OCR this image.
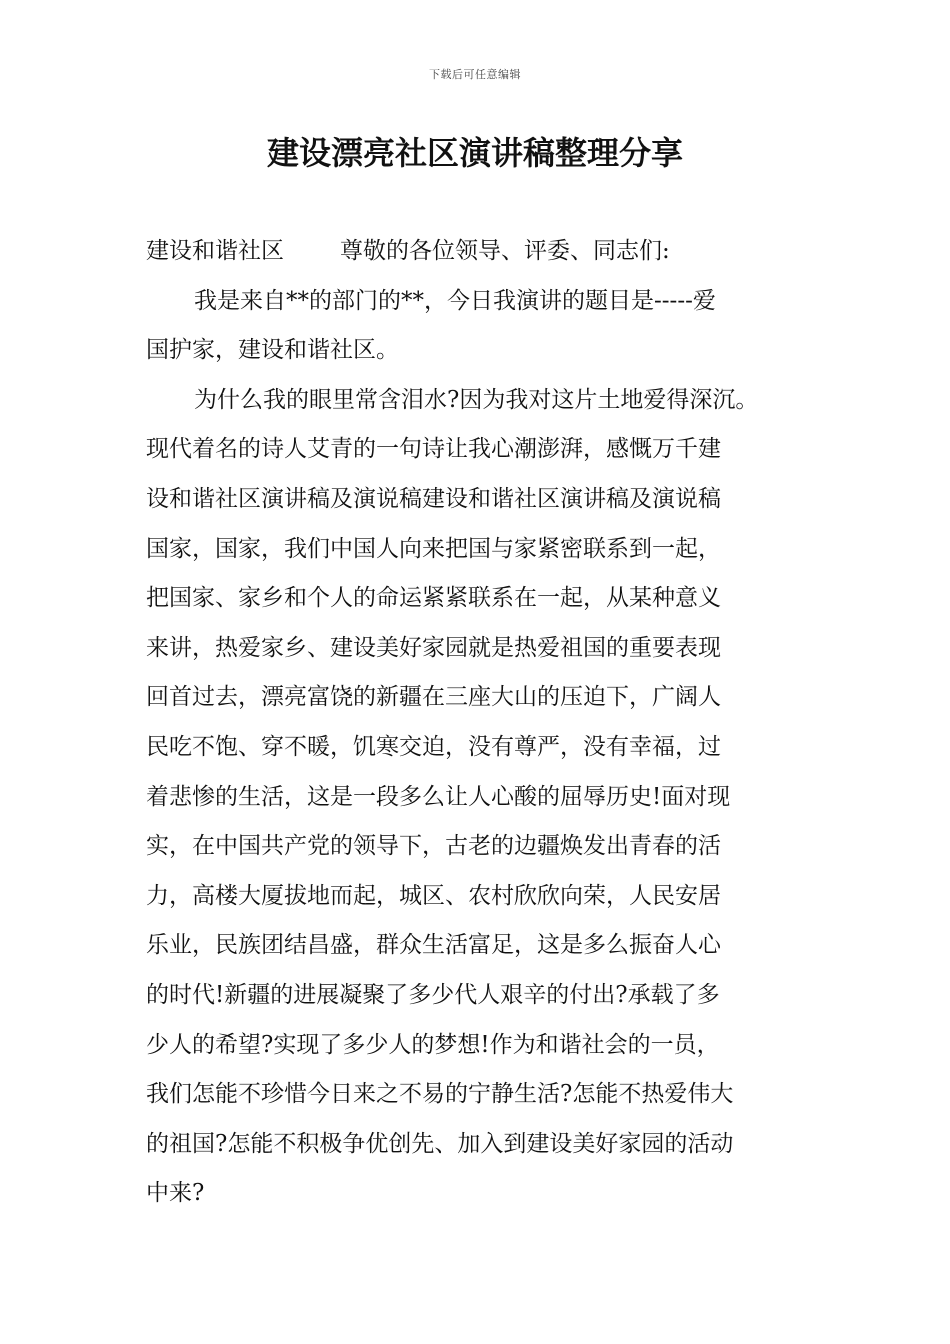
下载后可任意编辑
建设漂亮社区演讲稿整理分享
建设和谐社区 尊敬的各位领导、评委、同志们:
我是来自**的部门的**，今日我演讲的题目是-----爱
国护家，建设和谐社区。
为什么我的眼里常含泪水?因为我对这片土地爱得深沉。
现代着名的诗人艾青的一句诗让我心潮澎湃，感慨万千建
设和谐社区演讲稿及演说稿建设和谐社区演讲稿及演说稿
国家，国家，我们中国人向来把国与家紧密联系到一起，
把国家、家乡和个人的命运紧紧联系在一起，从某种意义
来讲，热爱家乡、建设美好家园就是热爱祖国的重要表现
回首过去，漂亮富饶的新疆在三座大山的压迫下，广阔人
民吃不饱、穿不暖，饥寒交迫，没有尊严，没有幸福，过
着悲惨的生活，这是一段多么让人心酸的屈辱历史!面对现
实，在中国共产党的领导下，古老的边疆焕发出青春的活
力，高楼大厦拔地而起，城区、农村欣欣向荣，人民安居
乐业，民族团结昌盛，群众生活富足，这是多么振奋人心
的时代!新疆的进展凝聚了多少代人艰辛的付出?承载了多
少人的希望?实现了多少人的梦想!作为和谐社会的一员，
我们怎能不珍惜今日来之不易的宁静生活?怎能不热爱伟大
的祖国?怎能不积极争优创先、加入到建设美好家园的活动
中来?
